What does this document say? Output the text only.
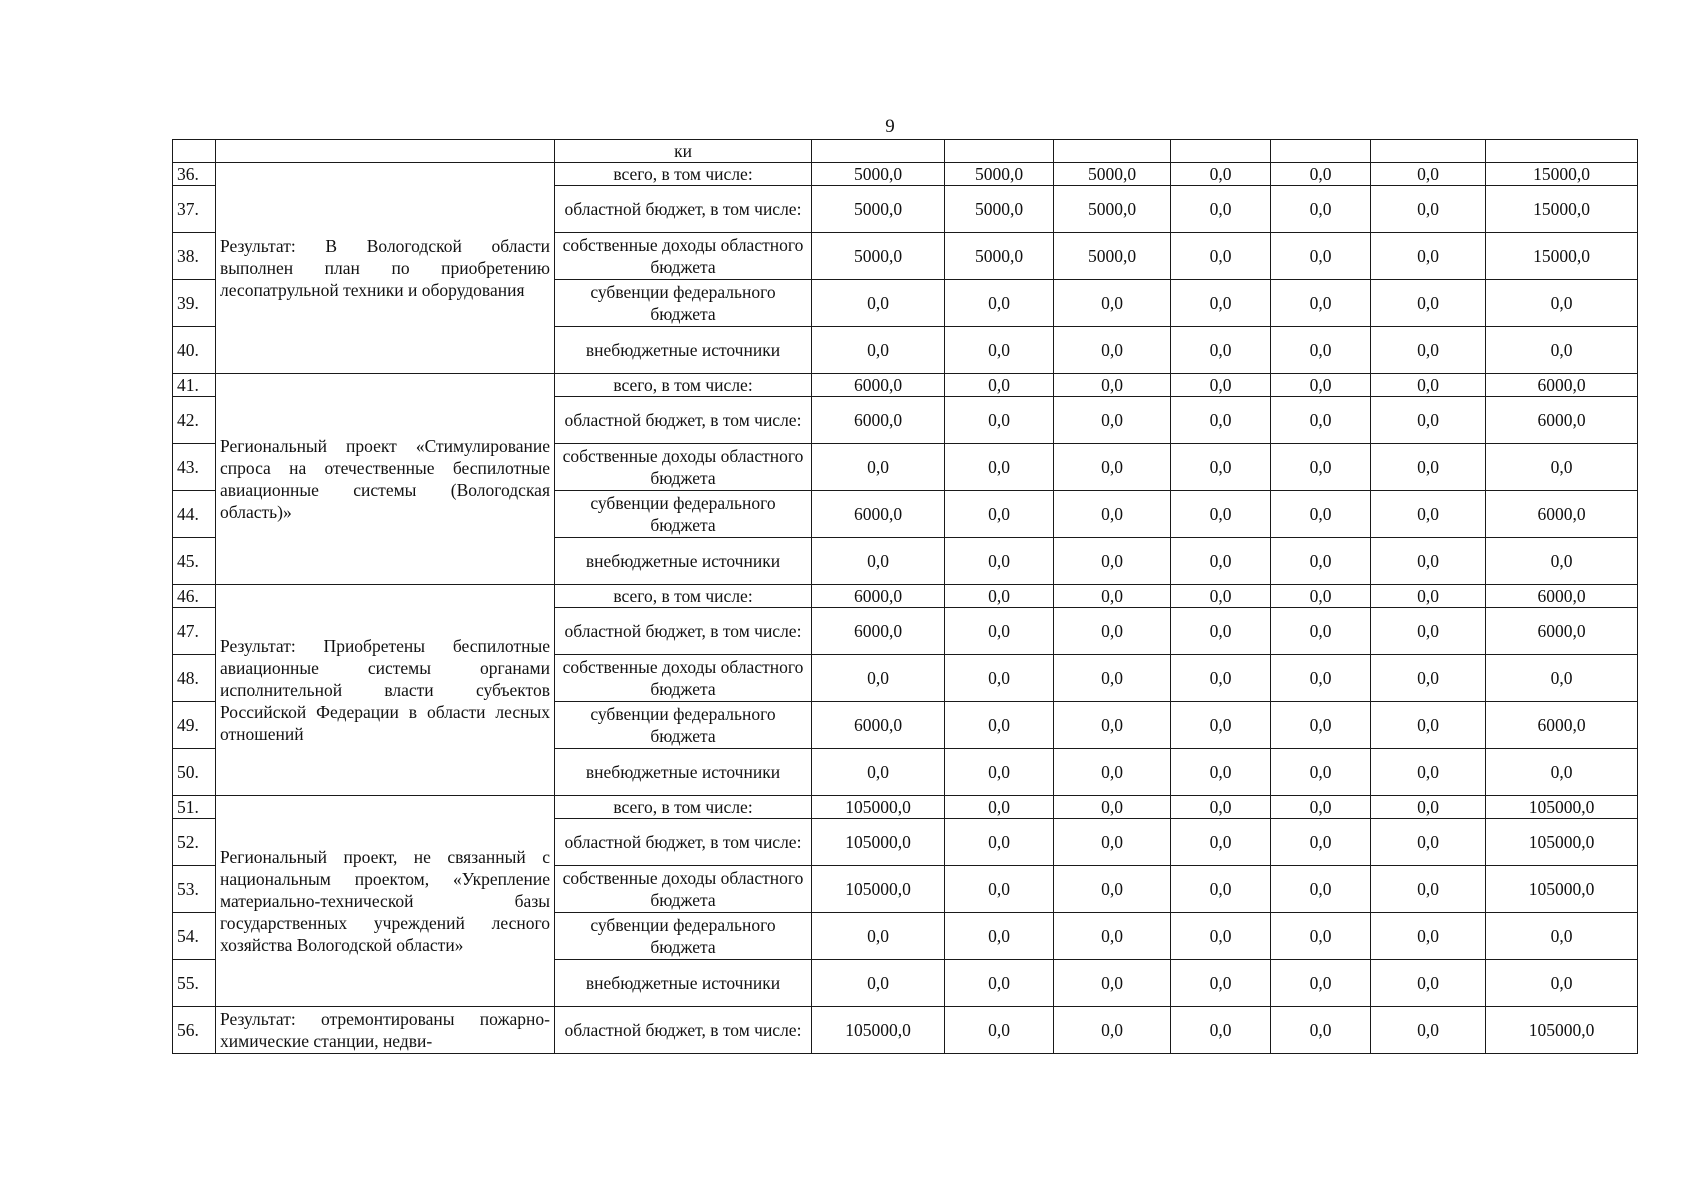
9
		ки							
36.	Результат: В Вологодской области выполнен план по приобретению лесопатрульной техники и оборудования	всего, в том числе:	5000,0	5000,0	5000,0	0,0	0,0	0,0	15000,0
37.		областной бюджет, в том числе:	5000,0	5000,0	5000,0	0,0	0,0	0,0	15000,0
38.		собственные доходы областного бюджета	5000,0	5000,0	5000,0	0,0	0,0	0,0	15000,0
39.		субвенции федерального бюджета	0,0	0,0	0,0	0,0	0,0	0,0	0,0
40.		внебюджетные источники	0,0	0,0	0,0	0,0	0,0	0,0	0,0
41.	Региональный проект «Стимулирование спроса на отечественные беспилотные авиационные системы (Вологодская область)»	всего, в том числе:	6000,0	0,0	0,0	0,0	0,0	0,0	6000,0
42.		областной бюджет, в том числе:	6000,0	0,0	0,0	0,0	0,0	0,0	6000,0
43.		собственные доходы областного бюджета	0,0	0,0	0,0	0,0	0,0	0,0	0,0
44.		субвенции федерального бюджета	6000,0	0,0	0,0	0,0	0,0	0,0	6000,0
45.		внебюджетные источники	0,0	0,0	0,0	0,0	0,0	0,0	0,0
46.	Результат: Приобретены беспилотные авиационные системы органами исполнительной власти субъектов Российской Федерации в области лесных отношений	всего, в том числе:	6000,0	0,0	0,0	0,0	0,0	0,0	6000,0
47.		областной бюджет, в том числе:	6000,0	0,0	0,0	0,0	0,0	0,0	6000,0
48.		собственные доходы областного бюджета	0,0	0,0	0,0	0,0	0,0	0,0	0,0
49.		субвенции федерального бюджета	6000,0	0,0	0,0	0,0	0,0	0,0	6000,0
50.		внебюджетные источники	0,0	0,0	0,0	0,0	0,0	0,0	0,0
51.	Региональный проект, не связанный с национальным проектом, «Укрепление материально-технической базы государственных учреждений лесного хозяйства Вологодской области»	всего, в том числе:	105000,0	0,0	0,0	0,0	0,0	0,0	105000,0
52.		областной бюджет, в том числе:	105000,0	0,0	0,0	0,0	0,0	0,0	105000,0
53.		собственные доходы областного бюджета	105000,0	0,0	0,0	0,0	0,0	0,0	105000,0
54.		субвенции федерального бюджета	0,0	0,0	0,0	0,0	0,0	0,0	0,0
55.		внебюджетные источники	0,0	0,0	0,0	0,0	0,0	0,0	0,0
56.	Результат: отремонтированы пожарно-химические станции, недви-	областной бюджет, в том числе:	105000,0	0,0	0,0	0,0	0,0	0,0	105000,0
